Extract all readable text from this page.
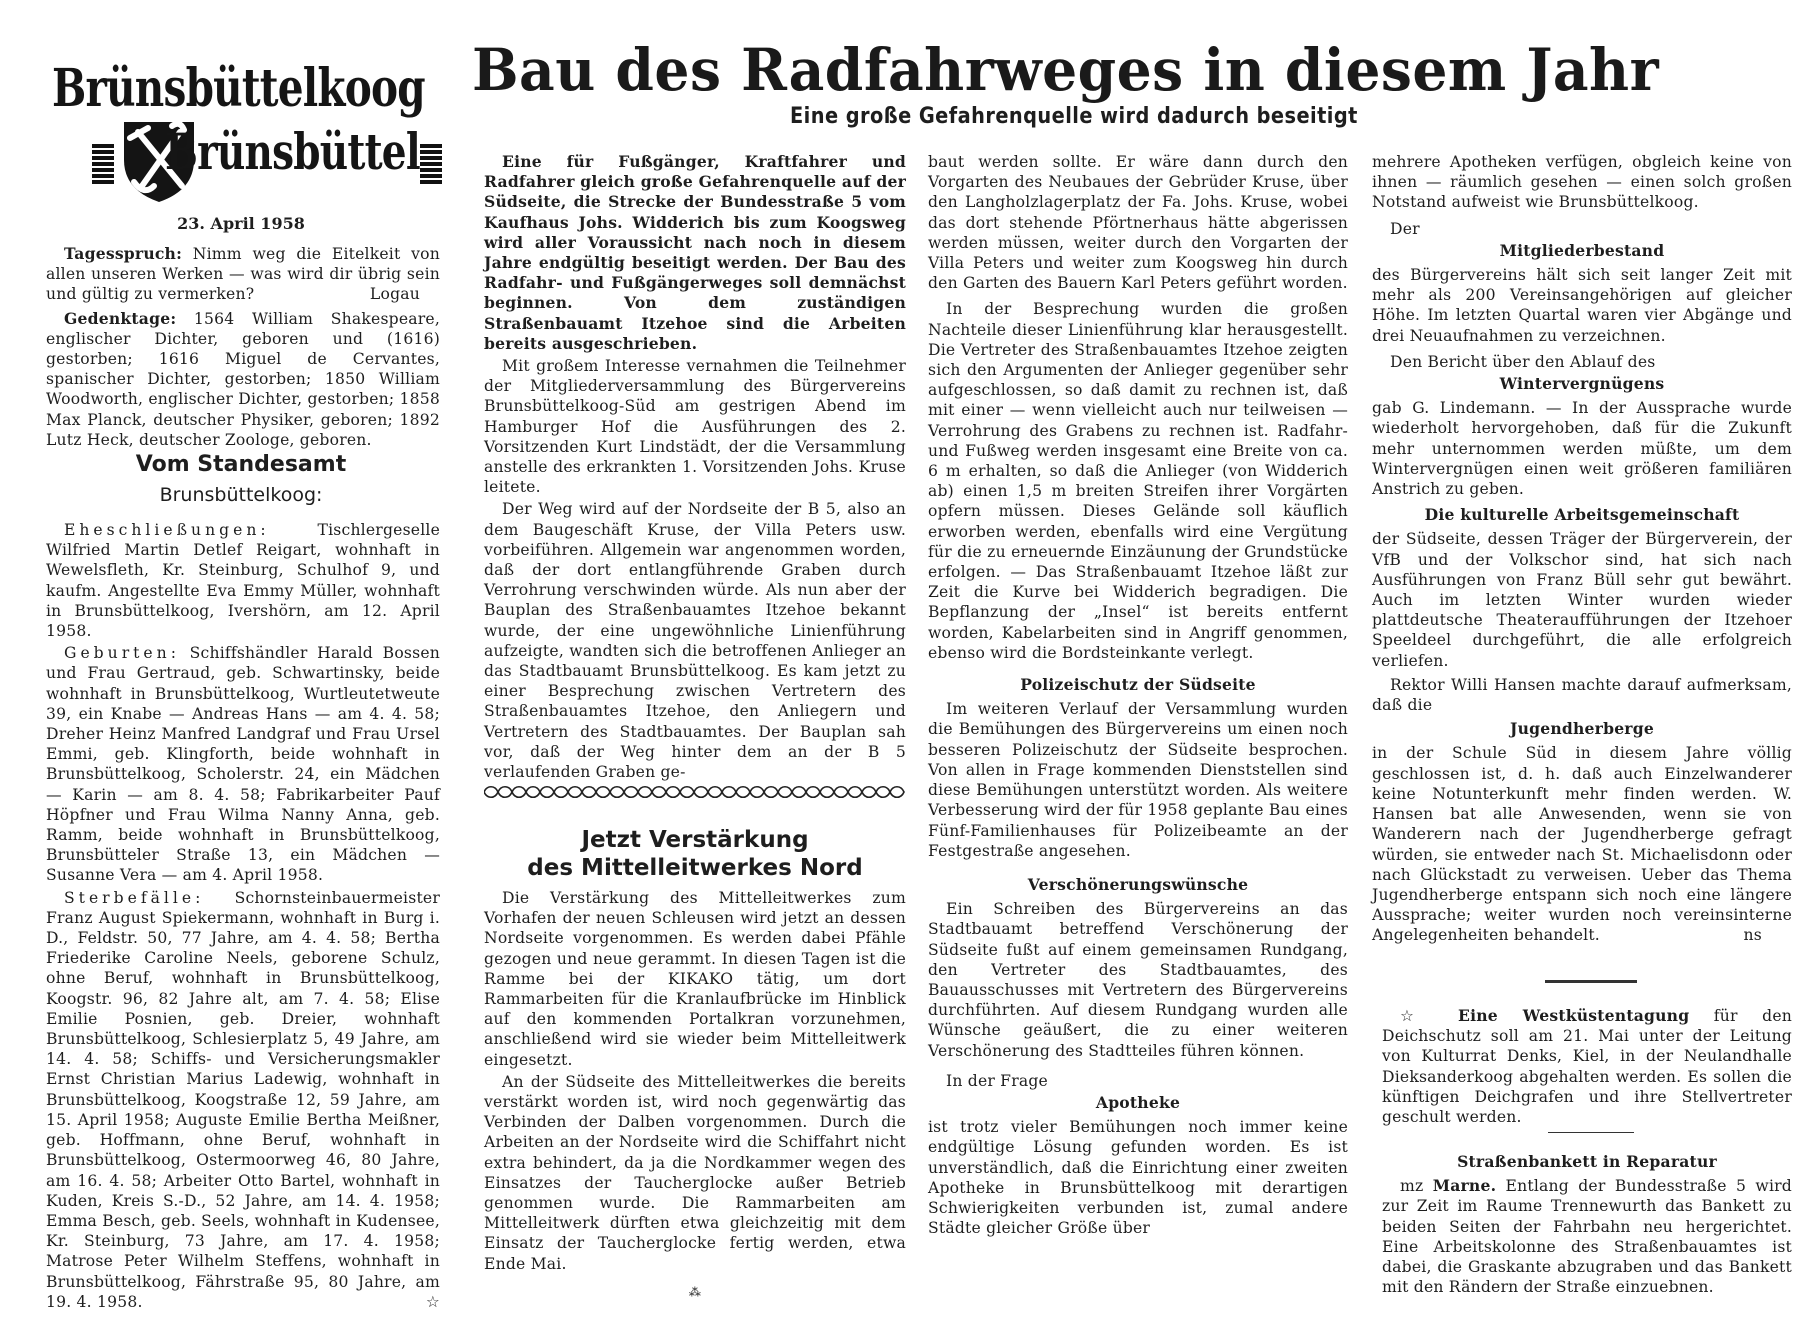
Brünsbüttelkoog
Brünsbüttel
23. April 1958
Bau des Radfahrweges in diesem Jahr
Eine große Gefahrenquelle wird dadurch beseitigt

Tagesspruch: Nimm weg die Eitelkeit von allen unseren Werken — was wird dir übrig sein und gültig zu vermerken?	Logau

Gedenktage: 1564 William Shakespeare, englischer Dichter, geboren und (1616) gestorben; 1616 Miguel de Cervantes, spanischer Dichter, gestorben; 1850 William Woodworth, englischer Dichter, gestorben; 1858 Max Planck, deutscher Physiker, geboren; 1892 Lutz Heck, deutscher Zoologe, geboren.

Vom Standesamt
Brunsbüttelkoog:

Eheschließungen:	Tischlergeselle Wilfried Martin Detlef Reigart, wohnhaft in Wewelsfleth, Kr. Steinburg, Schulhof 9, und kaufm. Angestellte Eva Emmy Müller, wohnhaft in Brunsbüttelkoog, Ivershörn, am 12. April 1958.

Geburten: Schiffshändler Harald Bossen und Frau Gertraud, geb. Schwartinsky, beide wohnhaft in Brunsbüttelkoog, Wurtleutetweute 39, ein Knabe — Andreas Hans — am 4. 4. 58; Dreher Heinz Manfred Landgraf und Frau Ursel Emmi, geb. Klingforth, beide wohnhaft in Brunsbüttelkoog, Scholerstr. 24, ein Mädchen — Karin — am 8. 4. 58; Fabrikarbeiter Pauf Höpfner und Frau Wilma Nanny Anna, geb. Ramm, beide wohnhaft in Brunsbüttelkoog, Brunsbütteler Straße 13, ein Mädchen — Susanne Vera — am 4. April 1958.

Sterbefälle: Schornsteinbauermeister Franz August Spiekermann, wohnhaft in Burg i. D., Feldstr. 50, 77 Jahre, am 4. 4. 58; Bertha Friederike Caroline Neels, geborene Schulz, ohne Beruf, wohnhaft in Brunsbüttelkoog, Koogstr. 96, 82 Jahre alt, am 7. 4. 58; Elise Emilie Posnien, geb. Dreier, wohnhaft Brunsbüttelkoog, Schlesierplatz 5, 49 Jahre, am 14. 4. 58; Schiffs- und Versicherungsmakler Ernst Christian Marius Ladewig, wohnhaft in Brunsbüttelkoog, Koogstraße 12, 59 Jahre, am 15. April 1958; Auguste Emilie Bertha Meißner, geb. Hoffmann, ohne Beruf, wohnhaft in Brunsbüttelkoog, Ostermoorweg 46, 80 Jahre, am 16. 4. 58; Arbeiter Otto Bartel, wohnhaft in Kuden, Kreis S.-D., 52 Jahre, am 14. 4. 1958; Emma Besch, geb. Seels, wohnhaft in Kudensee, Kr. Steinburg, 73 Jahre, am 17. 4. 1958; Matrose Peter Wilhelm Steffens, wohnhaft in Brunsbüttelkoog, Fährstraße 95, 80 Jahre, am 19. 4. 1958.	☆

Eine für Fußgänger, Kraftfahrer und Radfahrer gleich große Gefahrenquelle auf der Südseite, die Strecke der Bundesstraße 5 vom Kaufhaus Johs. Widderich bis zum Koogsweg wird aller Voraussicht nach noch in diesem Jahre endgültig beseitigt werden. Der Bau des Radfahr- und Fußgängerweges soll demnächst beginnen. Von dem zuständigen Straßenbauamt Itzehoe sind die Arbeiten bereits ausgeschrieben.

Mit großem Interesse vernahmen die Teilnehmer der Mitgliederversammlung des Bürgervereins Brunsbüttelkoog-Süd am gestrigen Abend im Hamburger Hof die Ausführungen des 2. Vorsitzenden Kurt Lindstädt, der die Versammlung anstelle des erkrankten 1. Vorsitzenden Johs. Kruse leitete.

Der Weg wird auf der Nordseite der B 5, also an dem Baugeschäft Kruse, der Villa Peters usw. vorbeiführen. Allgemein war angenommen worden, daß der dort entlangführende Graben durch Verrohrung verschwinden würde. Als nun aber der Bauplan des Straßenbauamtes Itzehoe bekannt wurde, der eine ungewöhnliche Linienführung aufzeigte, wandten sich die betroffenen Anlieger an das Stadtbauamt Brunsbüttelkoog. Es kam jetzt zu einer Besprechung zwischen Vertretern des Straßenbauamtes Itzehoe, den Anliegern und Vertretern des Stadtbauamtes. Der Bauplan sah vor, daß der Weg hinter dem an der B 5 verlaufenden Graben ge-

Jetzt Verstärkung
des Mittelleitwerkes Nord

Die Verstärkung des Mittelleitwerkes zum Vorhafen der neuen Schleusen wird jetzt an dessen Nordseite vorgenommen. Es werden dabei Pfähle gezogen und neue gerammt. In diesen Tagen ist die Ramme bei der KIKAKO tätig, um dort Rammarbeiten für die Kranlaufbrücke im Hinblick auf den kommenden Portalkran vorzunehmen, anschließend wird sie wieder beim Mittelleitwerk eingesetzt.

An der Südseite des Mittelleitwerkes die bereits verstärkt worden ist, wird noch gegenwärtig das Verbinden der Dalben vorgenommen. Durch die Arbeiten an der Nordseite wird die Schiffahrt nicht extra behindert, da ja die Nordkammer wegen des Einsatzes der Taucherglocke außer Betrieb genommen wurde. Die Rammarbeiten am Mittelleitwerk dürften etwa gleichzeitig mit dem Einsatz der Taucherglocke fertig werden, etwa Ende Mai.

⁂

baut werden sollte. Er wäre dann durch den Vorgarten des Neubaues der Gebrüder Kruse, über den Langholzlagerplatz der Fa. Johs. Kruse, wobei das dort stehende Pförtnerhaus hätte abgerissen werden müssen, weiter durch den Vorgarten der Villa Peters und weiter zum Koogsweg hin durch den Garten des Bauern Karl Peters geführt worden.

In der Besprechung wurden die großen Nachteile dieser Linienführung klar herausgestellt. Die Vertreter des Straßenbauamtes Itzehoe zeigten sich den Argumenten der Anlieger gegenüber sehr aufgeschlossen, so daß damit zu rechnen ist, daß mit einer — wenn vielleicht auch nur teilweisen — Verrohrung des Grabens zu rechnen ist. Radfahr- und Fußweg werden insgesamt eine Breite von ca. 6 m erhalten, so daß die Anlieger (von Widderich ab) einen 1,5 m breiten Streifen ihrer Vorgärten opfern müssen. Dieses Gelände soll käuflich erworben werden, ebenfalls wird eine Vergütung für die zu erneuernde Einzäunung der Grundstücke erfolgen. — Das Straßenbauamt Itzehoe läßt zur Zeit die Kurve bei Widderich begradigen. Die Bepflanzung der „Insel“ ist bereits entfernt worden, Kabelarbeiten sind in Angriff genommen, ebenso wird die Bordsteinkante verlegt.

Polizeischutz der Südseite

Im weiteren Verlauf der Versammlung wurden die Bemühungen des Bürgervereins um einen noch besseren Polizeischutz der Südseite besprochen. Von allen in Frage kommenden Dienststellen sind diese Bemühungen unterstützt worden. Als weitere Verbesserung wird der für 1958 geplante Bau eines Fünf-Familienhauses für Polizeibeamte an der Festgestraße angesehen.

Verschönerungswünsche

Ein Schreiben des Bürgervereins an das Stadtbauamt betreffend Verschönerung der Südseite fußt auf einem gemeinsamen Rundgang, den Vertreter des Stadtbauamtes, des Bauausschusses mit Vertretern des Bürgervereins durchführten. Auf diesem Rundgang wurden alle Wünsche geäußert, die zu einer weiteren Verschönerung des Stadtteiles führen können.

In der Frage

Apotheke

ist trotz vieler Bemühungen noch immer keine endgültige Lösung gefunden worden. Es ist unverständlich, daß die Einrichtung einer zweiten Apotheke in Brunsbüttelkoog mit derartigen Schwierigkeiten verbunden ist, zumal andere Städte gleicher Größe über

mehrere Apotheken verfügen, obgleich keine von ihnen — räumlich gesehen — einen solch großen Notstand aufweist wie Brunsbüttelkoog.

Der

Mitgliederbestand

des Bürgervereins hält sich seit langer Zeit mit mehr als 200 Vereinsangehörigen auf gleicher Höhe. Im letzten Quartal waren vier Abgänge und drei Neuaufnahmen zu verzeichnen.

Den Bericht über den Ablauf des

Wintervergnügens

gab G. Lindemann. — In der Aussprache wurde wiederholt hervorgehoben, daß für die Zukunft mehr unternommen werden müßte, um dem Wintervergnügen einen weit größeren familiären Anstrich zu geben.

Die kulturelle Arbeitsgemeinschaft

der Südseite, dessen Träger der Bürgerverein, der VfB und der Volkschor sind, hat sich nach Ausführungen von Franz Büll sehr gut bewährt. Auch im letzten Winter wurden wieder plattdeutsche Theateraufführungen der Itzehoer Speeldeel durchgeführt, die alle erfolgreich verliefen.

Rektor Willi Hansen machte darauf aufmerksam, daß die

Jugendherberge

in der Schule Süd in diesem Jahre völlig geschlossen ist, d. h. daß auch Einzelwanderer keine Notunterkunft mehr finden werden. W. Hansen bat alle Anwesenden, wenn sie von Wanderern nach der Jugendherberge gefragt würden, sie entweder nach St. Michaelisdonn oder nach Glückstadt zu verweisen. Ueber das Thema Jugendherberge entspann sich noch eine längere Aussprache; weiter wurden noch vereinsinterne Angelegenheiten behandelt.	ns

☆ Eine Westküstentagung für den Deichschutz soll am 21. Mai unter der Leitung von Kulturrat Denks, Kiel, in der Neulandhalle Dieksanderkoog abgehalten werden. Es sollen die künftigen Deichgrafen und ihre Stellvertreter geschult werden.

Straßenbankett in Reparatur

mz Marne. Entlang der Bundesstraße 5 wird zur Zeit im Raume Trennewurth das Bankett zu beiden Seiten der Fahrbahn neu hergerichtet. Eine Arbeitskolonne des Straßenbauamtes ist dabei, die Graskante abzugraben und das Bankett mit den Rändern der Straße einzuebnen.
